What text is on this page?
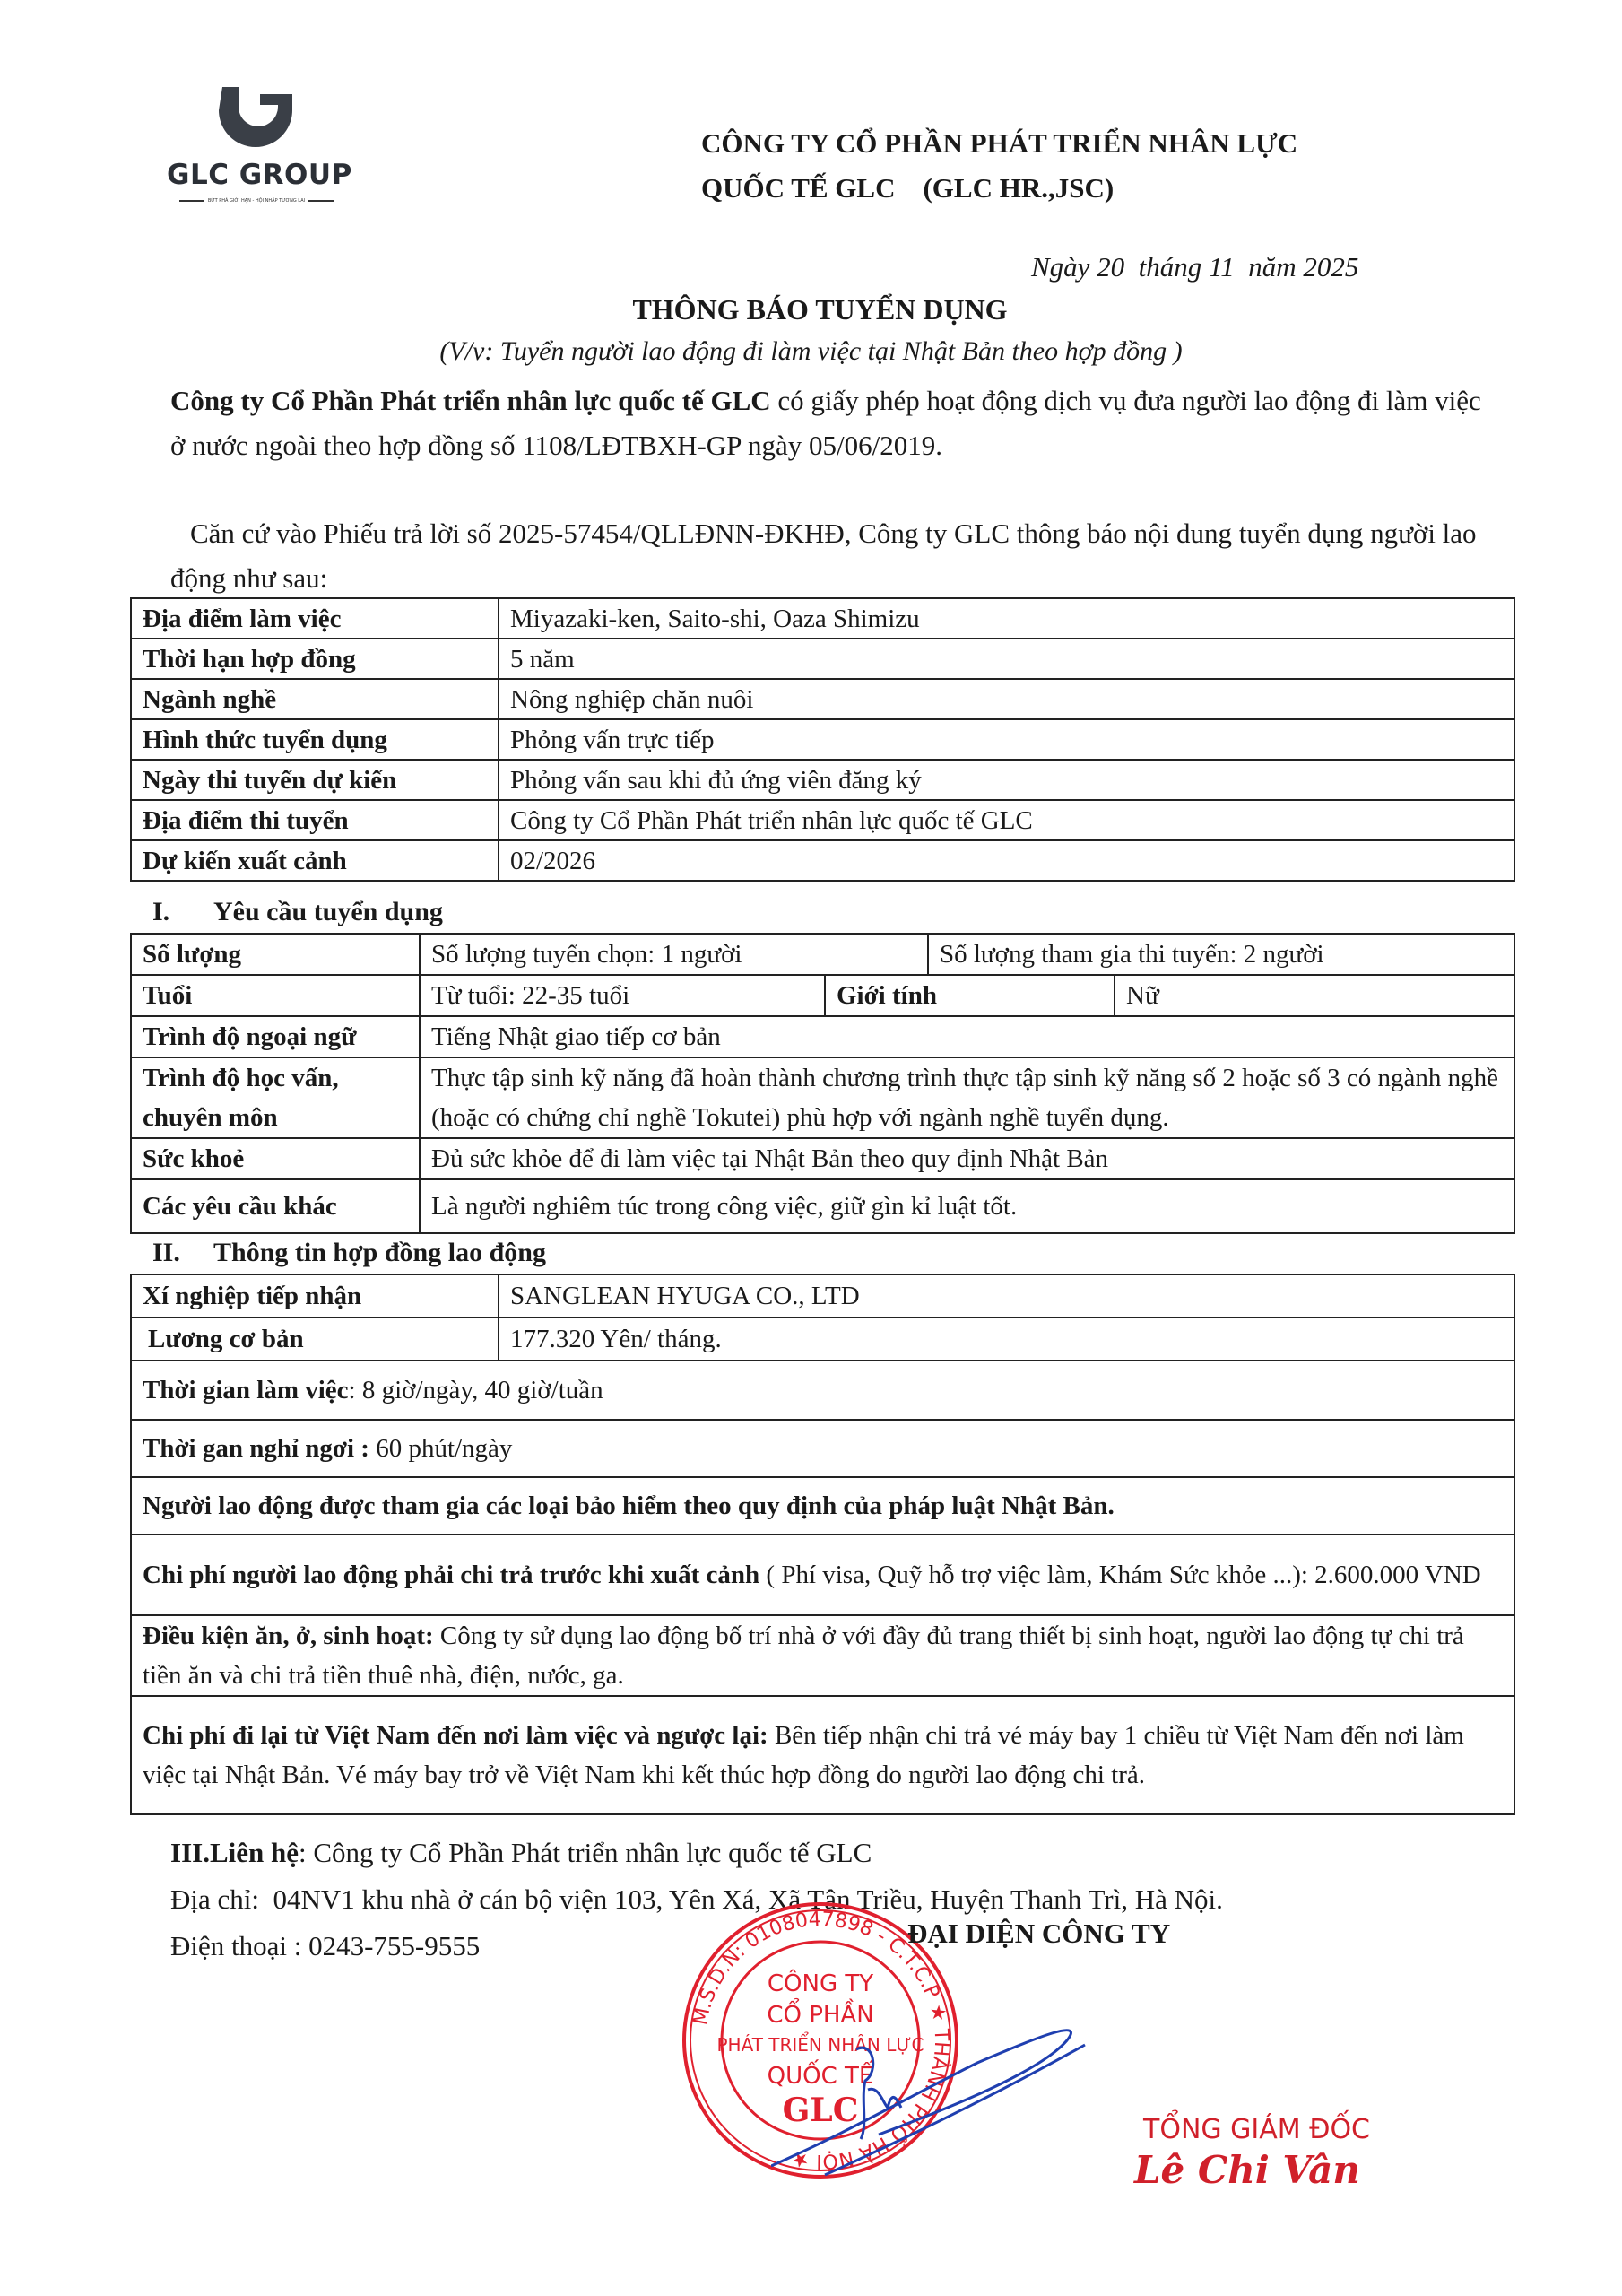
GLC GROUP
BỨT PHÁ GIỚI HẠN - HỘI NHẬP TƯƠNG LAI
CÔNG TY CỔ PHẦN PHÁT TRIỂN NHÂN LỰC
QUỐC TẾ GLC    (GLC HR.,JSC)
Ngày 20  tháng 11  năm 2025
THÔNG BÁO TUYỂN DỤNG
(V/v: Tuyển người lao động đi làm việc tại Nhật Bản theo hợp đồng )
Công ty Cổ Phần Phát triển nhân lực quốc tế GLC có giấy phép hoạt động dịch vụ đưa người lao động đi làm việc ở nước ngoài theo hợp đồng số 1108/LĐTBXH-GP ngày 05/06/2019.
Căn cứ vào Phiếu trả lời số 2025-57454/QLLĐNN-ĐKHĐ, Công ty GLC thông báo nội dung tuyển dụng người lao động như sau:
Địa điểm làm việc	Miyazaki-ken, Saito-shi, Oaza Shimizu
Thời hạn hợp đồng	5 năm
Ngành nghề	Nông nghiệp chăn nuôi
Hình thức tuyển dụng	Phỏng vấn trực tiếp
Ngày thi tuyển dự kiến	Phỏng vấn sau khi đủ ứng viên đăng ký
Địa điểm thi tuyển	Công ty Cổ Phần Phát triển nhân lực quốc tế GLC
Dự kiến xuất cảnh	02/2026
I. Yêu cầu tuyển dụng
Số lượng	Số lượng tuyển chọn: 1 người		Số lượng tham gia thi tuyển: 2 người	
Tuổi	Từ tuổi: 22-35 tuổi	Giới tính		Nữ
Trình độ ngoại ngữ	Tiếng Nhật giao tiếp cơ bản			
Trình độ học vấn, chuyên môn	Thực tập sinh kỹ năng đã hoàn thành chương trình thực tập sinh kỹ năng số 2 hoặc số 3 có ngành nghề (hoặc có chứng chỉ nghề Tokutei) phù hợp với ngành nghề tuyển dụng.			
Sức khoẻ	Đủ sức khỏe để đi làm việc tại Nhật Bản theo quy định Nhật Bản			
Các yêu cầu khác	Là người nghiêm túc trong công việc, giữ gìn kỉ luật tốt.			
II. Thông tin hợp đồng lao động
Xí nghiệp tiếp nhận	SANGLEAN HYUGA CO., LTD
Lương cơ bản	177.320 Yên/ tháng.
Thời gian làm việc: 8 giờ/ngày, 40 giờ/tuần	
Thời gan nghỉ ngơi : 60 phút/ngày	
Người lao động được tham gia các loại bảo hiểm theo quy định của pháp luật Nhật Bản.	
Chi phí người lao động phải chi trả trước khi xuất cảnh ( Phí visa, Quỹ hỗ trợ việc làm, Khám Sức khỏe ...): 2.600.000 VND	
Điều kiện ăn, ở, sinh hoạt: Công ty sử dụng lao động bố trí nhà ở với đầy đủ trang thiết bị sinh hoạt, người lao động tự chi trả tiền ăn và chi trả tiền thuê nhà, điện, nước, ga.	
Chi phí đi lại từ Việt Nam đến nơi làm việc và ngược lại: Bên tiếp nhận chi trả vé máy bay 1 chiều từ Việt Nam đến nơi làm việc tại Nhật Bản. Vé máy bay trở về Việt Nam khi kết thúc hợp đồng do người lao động chi trả.	
III.Liên hệ: Công ty Cổ Phần Phát triển nhân lực quốc tế GLC
Địa chỉ:  04NV1 khu nhà ở cán bộ viện 103, Yên Xá, Xã Tân Triều, Huyện Thanh Trì, Hà Nội.
Điện thoại : 0243-755-9555
M.S.D.N: 0108047898 - C.T.C.P ★ THÀNH PHỐ HÀ NỘI ★
CÔNG TY
CỔ PHẦN
PHÁT TRIỂN NHÂN LỰC
QUỐC TẾ
GLC
ĐẠI DIỆN CÔNG TY
TỔNG GIÁM ĐỐC
Lê Chi Vân
